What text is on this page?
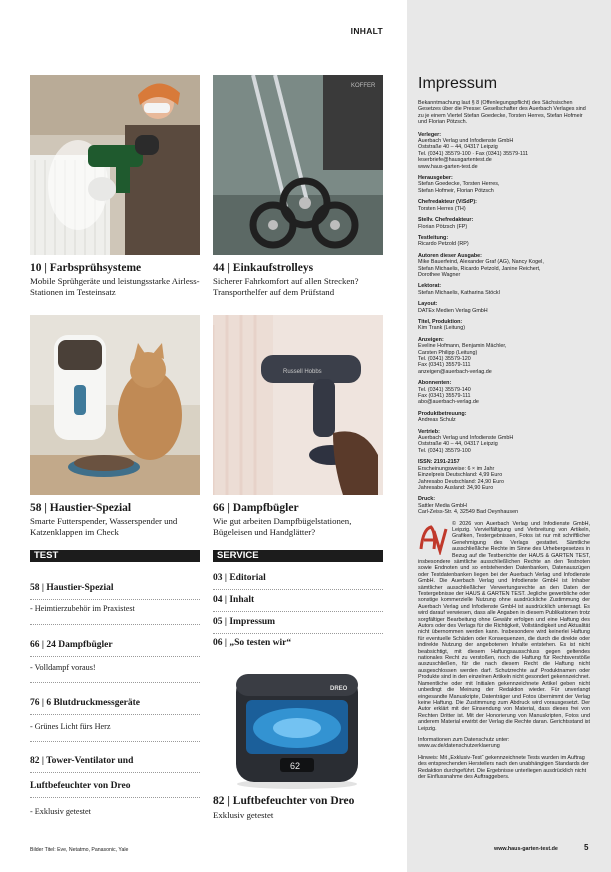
INHALT
KOFFER
10 | Farbsprühsysteme
Mobile Sprühgeräte und leistungsstarke Airless-Stationen im Testeinsatz
44 | Einkaufstrolleys
Sicherer Fahrkomfort auf allen Strecken? Transporthelfer auf dem Prüfstand
Russell Hobbs
58 | Haustier-Spezial
Smarte Futterspender, Wasserspender und Katzenklappen im Check
66 | Dampfbügler
Wie gut arbeiten Dampfbügelstationen, Bügeleisen und Handglätter?
TEST
58 | Haustier-Spezial
- Heimtierzubehör im Praxistest
66 | 24 Dampfbügler
- Volldampf voraus!
76 | 6 Blutdruckmessgeräte
- Grünes Licht fürs Herz
82 | Tower-Ventilator und
Luftbefeuchter von Dreo
- Exklusiv getestet
SERVICE
03 | Editorial
04 | Inhalt
05 | Impressum
06 | „So testen wir“
DREO
62
82 | Luftbefeuchter von Dreo
Exklusiv getestet
Impressum
Bekanntmachung laut § 8 (Offenlegungspflicht) des Sächsischen Gesetzes über die Presse: Gesellschafter des Auerbach Verlages sind zu je einem Viertel Stefan Goedecke, Torsten Herres, Stefan Hofmeir und Florian Pötzsch.
Verleger:
Auerbach Verlag und Infodienste GmbH
Oststraße 40 – 44, 04317 Leipzig
Tel. (0341) 35579-100 · Fax (0341) 35579-111
leserbriefe@hausgartentest.de
www.haus-garten-test.de
Herausgeber:
Stefan Goedecke, Torsten Herres,
Stefan Hofmeir, Florian Pötzsch
Chefredakteur (ViSdP):
Torsten Herres (TH)
Stellv. Chefredakteur:
Florian Pötzsch (FP)
Testleitung:
Ricardo Petzold (RP)
Autoren dieser Ausgabe:
Mike Bauerfeind, Alexander Graf (AG), Nancy Kogel,
Stefan Michaelis, Ricardo Petzold, Janine Reichert,
Dorothee Wagner
Lektorat:
Stefan Michaelis, Katharina Stöckl
Layout:
DATEx Medien Verlag GmbH
Titel, Produktion:
Kim Trank (Leitung)
Anzeigen:
Eveline Hofmann, Benjamin Mächler,
Carsten Philipp (Leitung)
Tel. (0341) 35579-120
Fax (0341) 35579-111
anzeigen@auerbach-verlag.de
Abonnenten:
Tel. (0341) 35579-140
Fax (0341) 35579-111
abo@auerbach-verlag.de
Produktbetreuung:
Andreas Schulz
Vertrieb:
Auerbach Verlag und Infodienste GmbH
Oststraße 40 – 44, 04317 Leipzig
Tel. (0341) 35579-100
ISSN: 2191-2157
Erscheinungsweise: 6 × im Jahr
Einzelpreis Deutschland: 4,99 Euro
Jahresabo Deutschland: 24,90 Euro
Jahresabo Ausland: 34,90 Euro
Druck:
Sattler Media GmbH
Carl-Zeiss-Str. 4, 32549 Bad Oeynhausen
© 2026 von Auerbach Verlag und Infodienste GmbH, Leipzig. Vervielfältigung und Verbreitung von Artikeln, Grafiken, Testergebnissen, Fotos ist nur mit schriftlicher Genehmigung des Verlags gestattet. Sämtliche ausschließliche Rechte im Sinne des Urhebergesetzes in Bezug auf die Testberichte der HAUS & GARTEN TEST, insbesondere sämtliche ausschließlichen Rechte an den Testnoten sowie Endnoten und so entstehenden Datenbanken, Datenauszügen oder Testdatenbanken liegen bei der Auerbach Verlag und Infodienste GmbH. Die Auerbach Verlag und Infodienste GmbH ist Inhaber sämtlicher ausschließlicher Verwertungsrechte an den Daten der Testergebnisse der HAUS & GARTEN TEST. Jegliche gewerbliche oder sonstige kommerzielle Nutzung ohne ausdrückliche Zustimmung der Auerbach Verlag und Infodienste GmbH ist ausdrücklich untersagt. Es wird darauf verwiesen, dass alle Angaben in diesem Publikationen trotz sorgfältiger Bearbeitung ohne Gewähr erfolgen und eine Haftung des Autors oder des Verlags für die Richtigkeit, Vollständigkeit und Aktualität nicht übernommen werden kann. Insbesondere wird keinerlei Haftung für eventuelle Schäden oder Konsequenzen, die durch die direkte oder indirekte Nutzung der angebotenen Inhalte entstehen. Es ist nicht beabsichtigt, mit diesem Haftungsausschluss gegen geltendes nationales Recht zu verstoßen, noch die Haftung für Rechtsverstöße auszuschließen, für die nach diesem Recht die Haftung nicht ausgeschlossen werden darf. Schutzrechte auf Produktnamen oder Produkte sind in den einzelnen Artikeln nicht gesondert gekennzeichnet. Namentliche oder mit Initialen gekennzeichnete Artikel geben nicht unbedingt die Meinung der Redaktion wieder. Für unverlangt eingesandte Manuskripte, Datenträger und Fotos übernimmt der Verlag keine Haftung. Die Zustimmung zum Abdruck wird vorausgesetzt. Der Autor erklärt mit der Einsendung von Material, dass dieses frei von Rechten Dritter ist. Mit der Honorierung von Manuskripten, Fotos und anderem Material erwirbt der Verlag die Rechte daran. Gerichtsstand ist Leipzig.
Informationen zum Datenschutz unter: www.av.de/datenschutzerklaerung
Hinweis: Mit „Exklusiv-Test“ gekennzeichnete Tests wurden im Auftrag des entsprechenden Herstellers nach den unabhängigen Standards der Redaktion durchgeführt. Die Ergebnisse unterliegen ausdrücklich nicht der Einflussnahme des Auftraggebers.
Bilder Titel: Eve, Netatmo, Panasonic, Yale	www.haus-garten-test.de	5
